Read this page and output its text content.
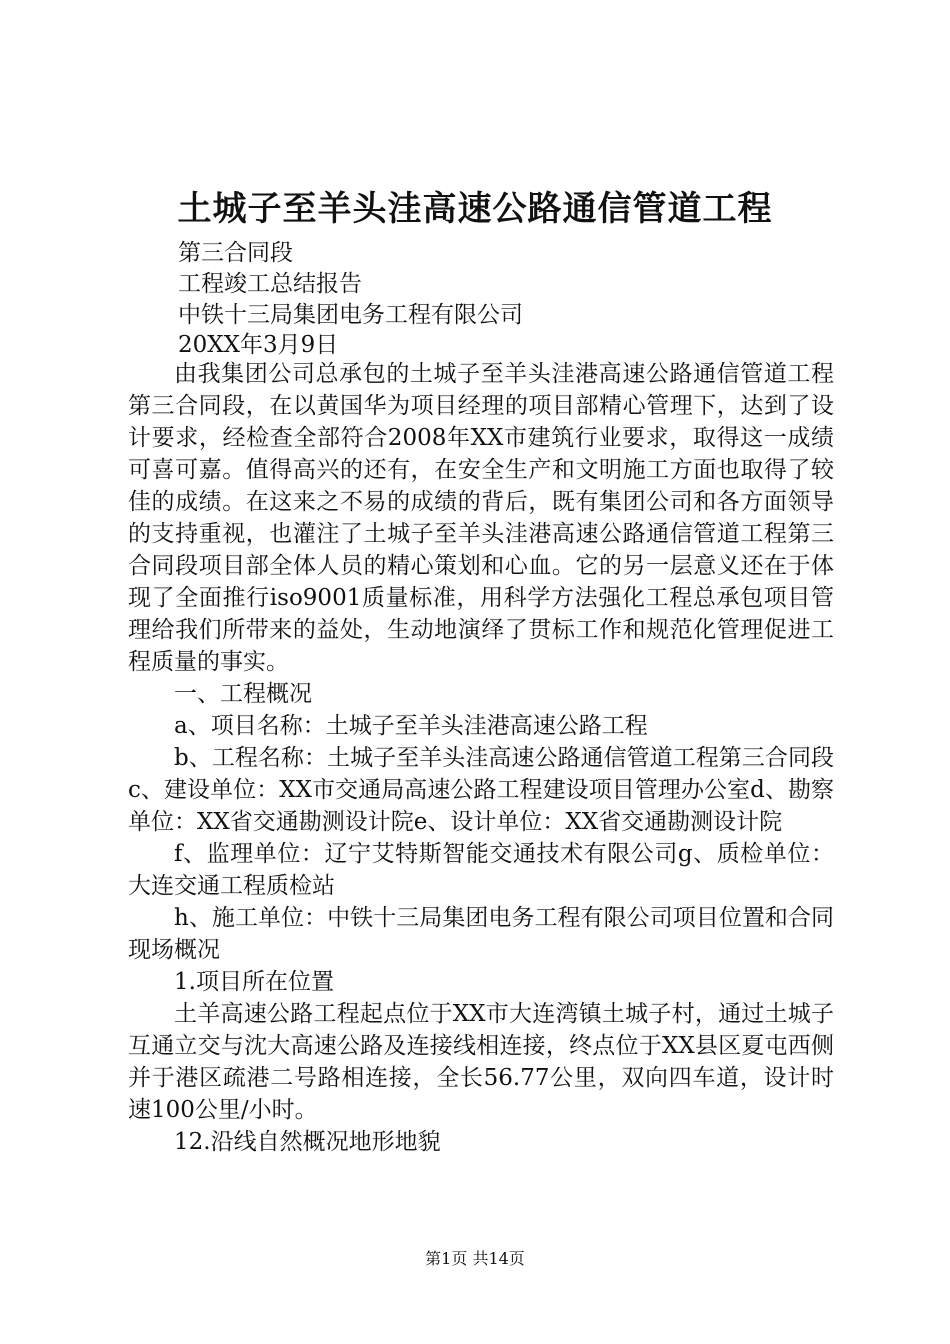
土城子至羊头洼高速公路通信管道工程
第三合同段
工程竣工总结报告
中铁十三局集团电务工程有限公司
20XX年3月9日

由我集团公司总承包的土城子至羊头洼港高速公路通信管道工程第三合同段，在以黄国华为项目经理的项目部精心管理下，达到了设计要求，经检查全部符合2008年XX市建筑行业要求，取得这一成绩可喜可嘉。值得高兴的还有，在安全生产和文明施工方面也取得了较佳的成绩。在这来之不易的成绩的背后，既有集团公司和各方面领导的支持重视，也灌注了土城子至羊头洼港高速公路通信管道工程第三合同段项目部全体人员的精心策划和心血。它的另一层意义还在于体现了全面推行iso9001质量标准，用科学方法强化工程总承包项目管理给我们所带来的益处，生动地演绎了贯标工作和规范化管理促进工程质量的事实。

一、工程概况

a、项目名称：土城子至羊头洼港高速公路工程

b、工程名称：土城子至羊头洼高速公路通信管道工程第三合同段c、建设单位：XX市交通局高速公路工程建设项目管理办公室d、勘察单位：XX省交通勘测设计院e、设计单位：XX省交通勘测设计院

f、监理单位：辽宁艾特斯智能交通技术有限公司g、质检单位：大连交通工程质检站

h、施工单位：中铁十三局集团电务工程有限公司项目位置和合同现场概况

1.项目所在位置

土羊高速公路工程起点位于XX市大连湾镇土城子村，通过土城子互通立交与沈大高速公路及连接线相连接，终点位于XX县区夏屯西侧并于港区疏港二号路相连接，全长56.77公里，双向四车道，设计时速100公里/小时。

12.沿线自然概况地形地貌

第1页 共14页
